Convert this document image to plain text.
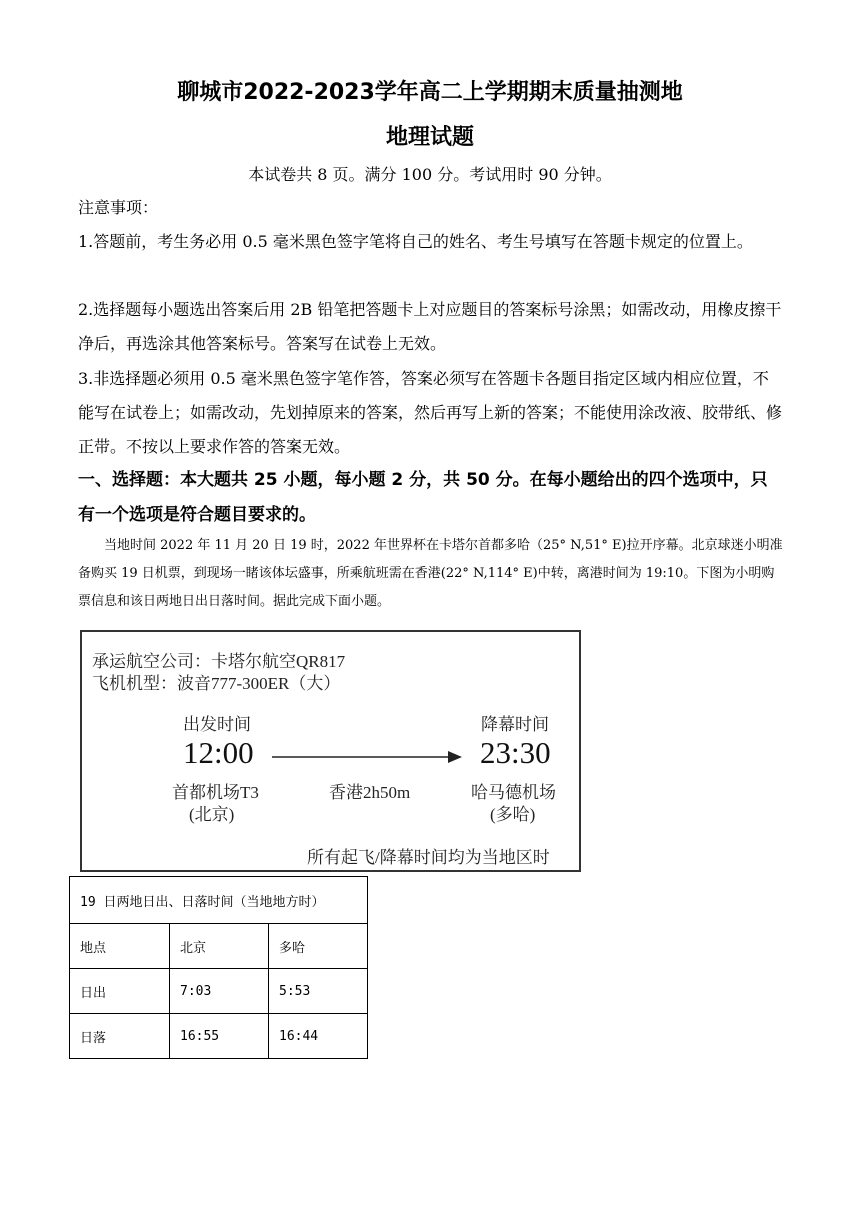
聊城市2022-2023学年高二上学期期末质量抽测地
地理试题
本试卷共 8 页。满分 100 分。考试用时 90 分钟。
注意事项：
1.答题前，考生务必用 0.5 毫米黑色签字笔将自己的姓名、考生号填写在答题卡规定的位置上。
2.选择题每小题选出答案后用 2B 铅笔把答题卡上对应题目的答案标号涂黑；如需改动，用橡皮擦干净后，再选涂其他答案标号。答案写在试卷上无效。
3.非选择题必须用 0.5 毫米黑色签字笔作答，答案必须写在答题卡各题目指定区域内相应位置，不能写在试卷上；如需改动，先划掉原来的答案，然后再写上新的答案；不能使用涂改液、胶带纸、修正带。不按以上要求作答的答案无效。
一、选择题：本大题共 25 小题，每小题 2 分，共 50 分。在每小题给出的四个选项中，只有一个选项是符合题目要求的。
当地时间 2022 年 11 月 20 日 19 时，2022 年世界杯在卡塔尔首都多哈（25° N,51° E)拉开序幕。北京球迷小明准备购买 19 日机票，到现场一睹该体坛盛事，所乘航班需在香港(22° N,114° E)中转，离港时间为 19:10。下图为小明购票信息和该日两地日出日落时间。据此完成下面小题。
承运航空公司：卡塔尔航空QR817
飞机机型：波音777-300ER（大）
出发时间	降幕时间
12:00	23:30
首都机场T3
(北京)
香港2h50m	哈马德机场
(多哈)
所有起飞/降幕时间均为当地区时
19 日两地日出、日落时间（当地地方时）		
地点	北京	多哈
日出	7:03	5:53
日落	16:55	16:44
